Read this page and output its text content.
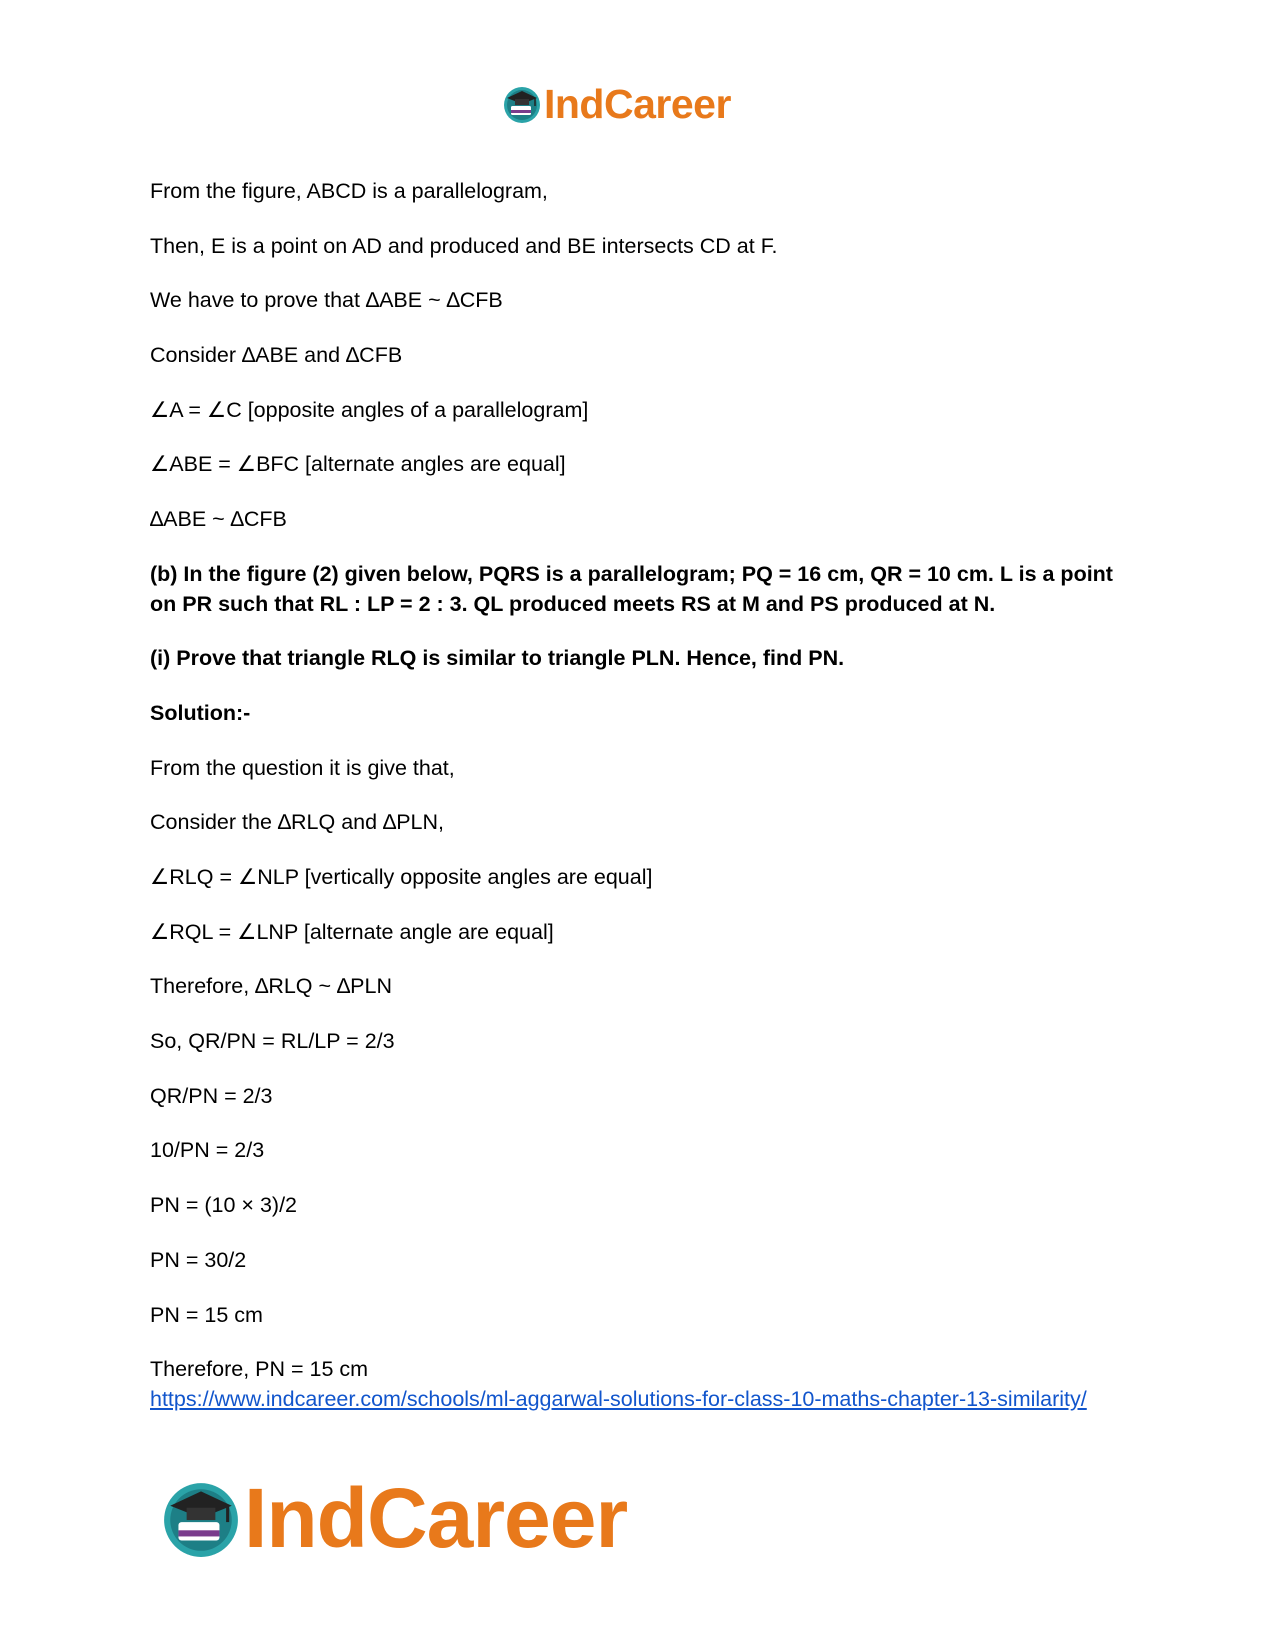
IndCareer
From the figure, ABCD is a parallelogram,
Then, E is a point on AD and produced and BE intersects CD at F.
We have to prove that ∆ABE ~ ∆CFB
Consider ∆ABE and ∆CFB
∠A = ∠C [opposite angles of a parallelogram]
∠ABE = ∠BFC [alternate angles are equal]
∆ABE ~ ∆CFB
(b) In the figure (2) given below, PQRS is a parallelogram; PQ = 16 cm, QR = 10 cm. L is a point on PR such that RL : LP = 2 : 3. QL produced meets RS at M and PS produced at N.
(i) Prove that triangle RLQ is similar to triangle PLN. Hence, find PN.
Solution:-
From the question it is give that,
Consider the ∆RLQ and ∆PLN,
∠RLQ = ∠NLP [vertically opposite angles are equal]
∠RQL = ∠LNP [alternate angle are equal]
Therefore, ∆RLQ ~ ∆PLN
So, QR/PN = RL/LP = 2/3
QR/PN = 2/3
10/PN = 2/3
PN = (10 × 3)/2
PN = 30/2
PN = 15 cm
Therefore, PN = 15 cm
https://www.indcareer.com/schools/ml-aggarwal-solutions-for-class-10-maths-chapter-13-similarity/
IndCareer
